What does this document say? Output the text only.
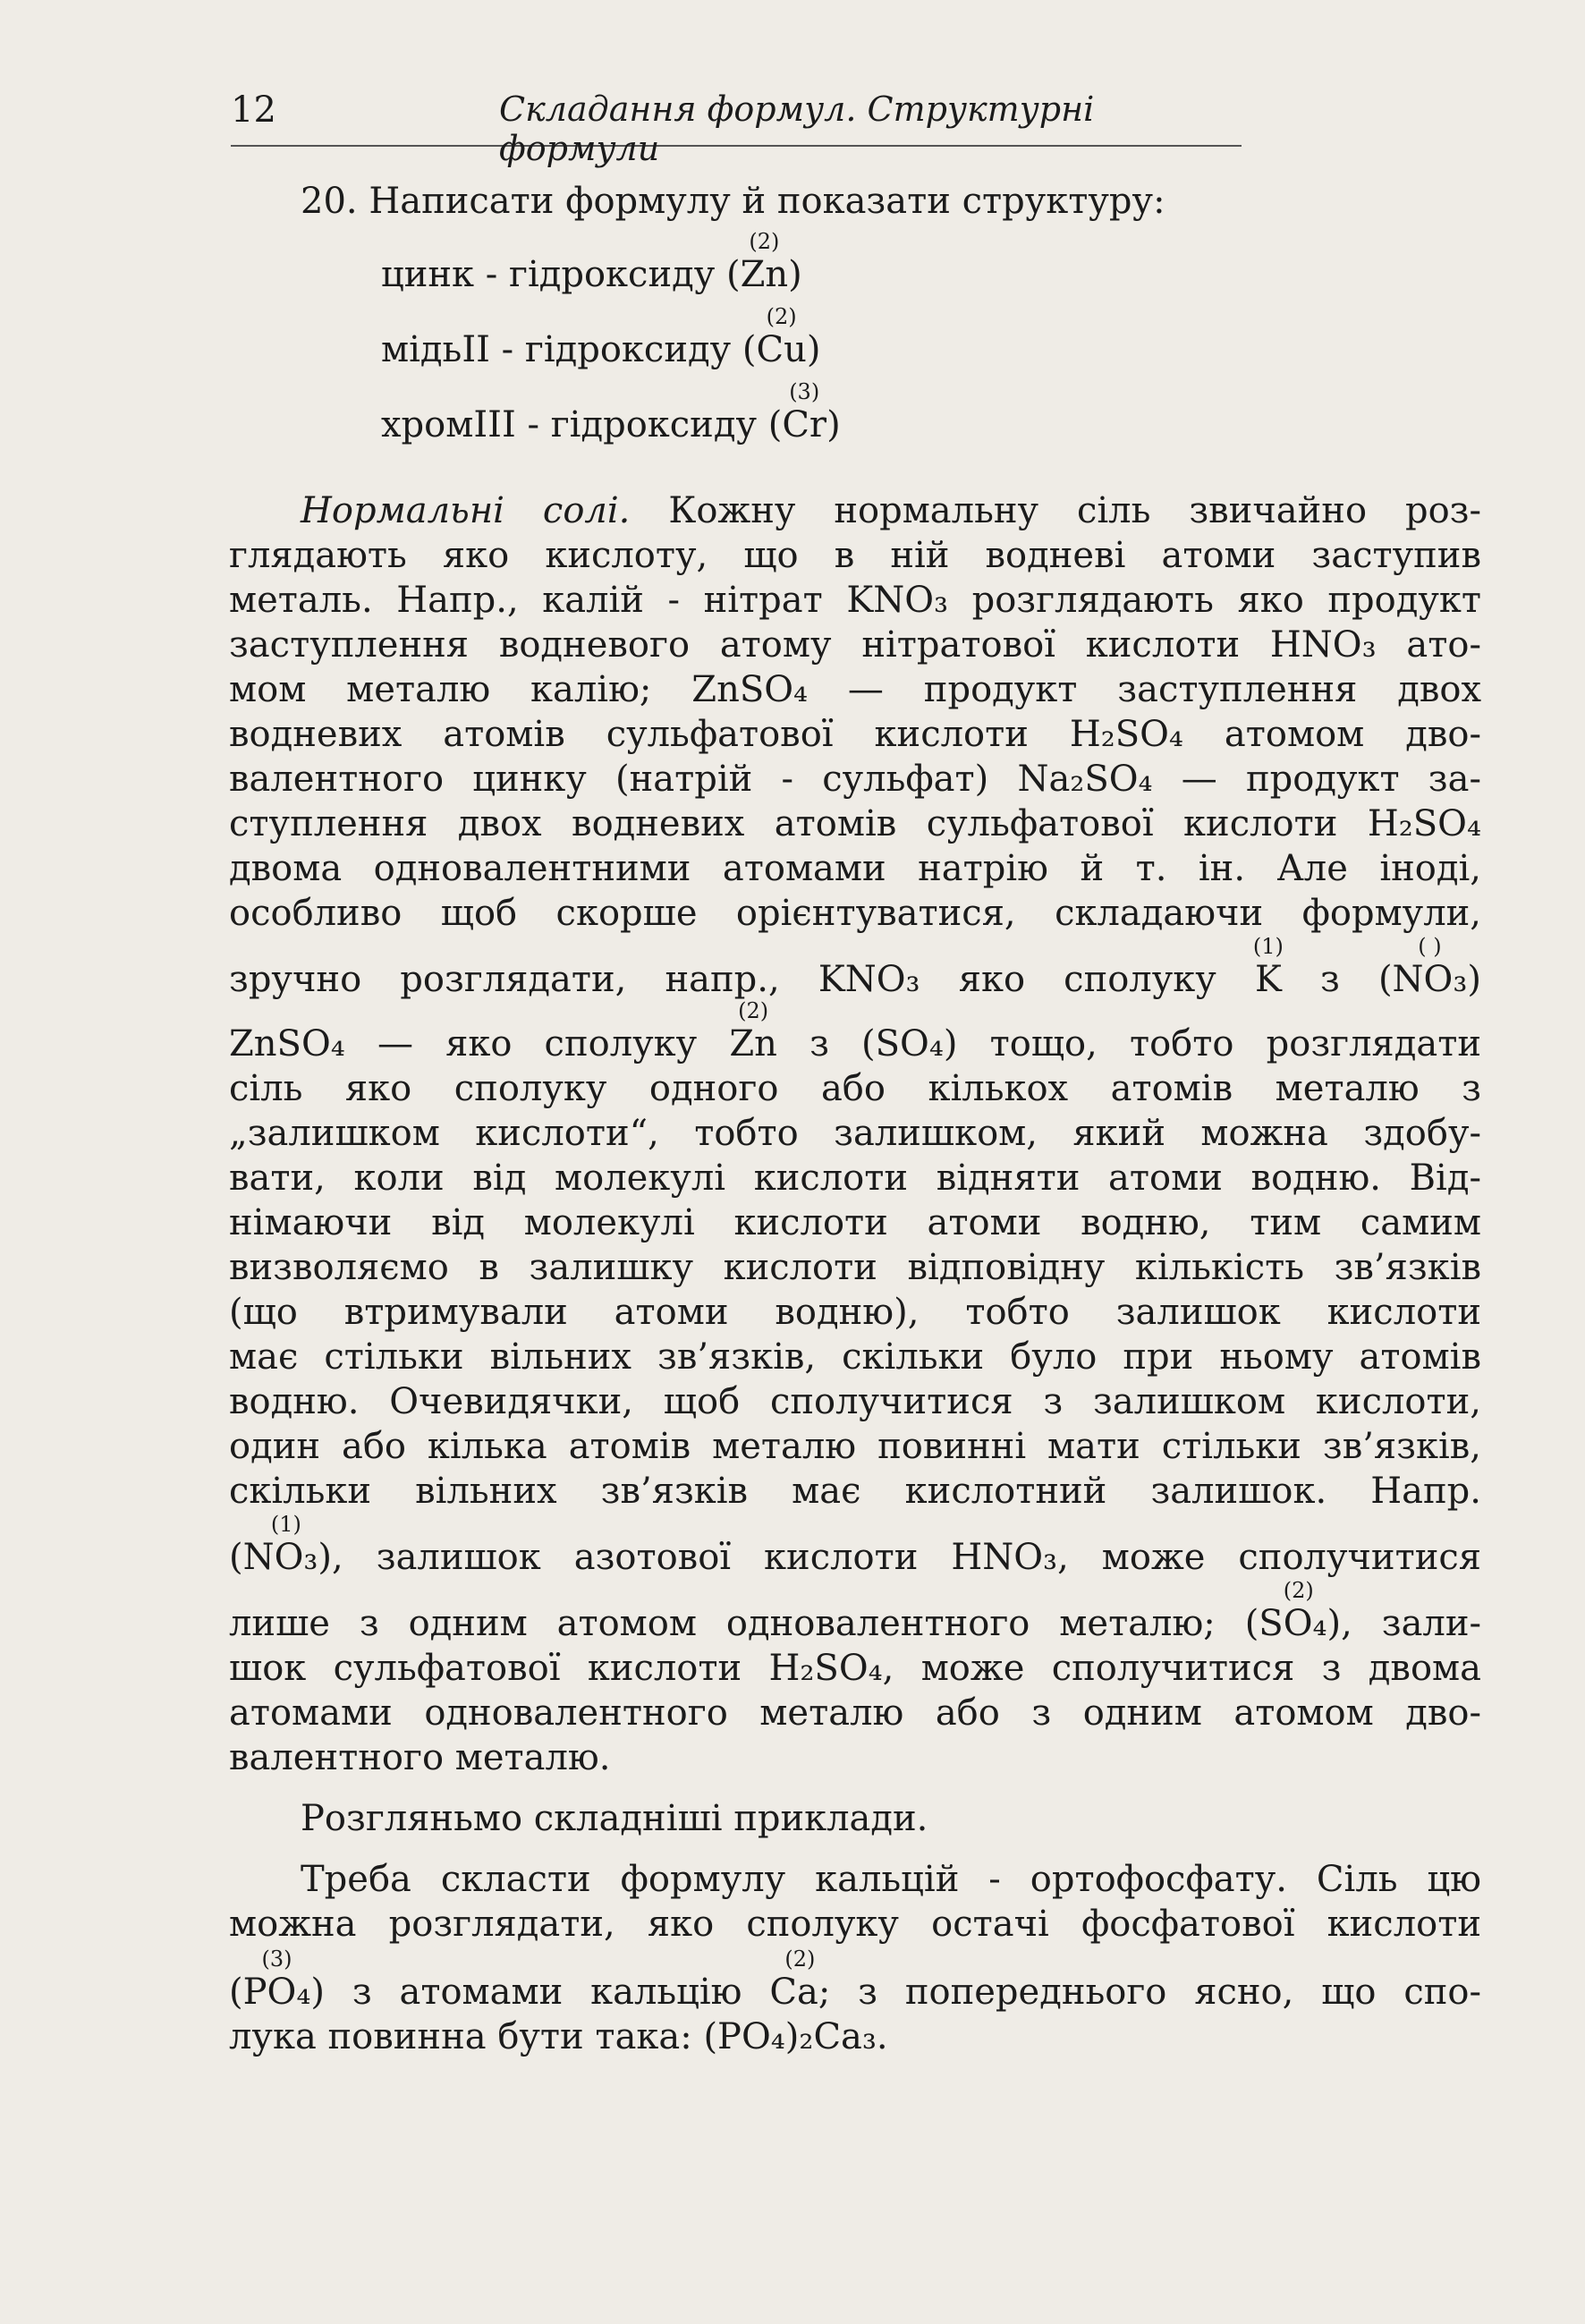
12	Складання формул. Структурні формули
20. Написати формулу й показати структуру:
цинк - гідроксиду (
(2)
Zn)
мідьІІ - гідроксиду (
(2)
Cu)
хромІІІ - гідроксиду (
(3)
Cr)
Нормальні солі. Кожну нормальну сіль звичайно роз-
глядають яко кислоту, що в ній водневі атоми заступив
металь. Напр., калій - нітрат KNO₃ розглядають яко продукт
заступлення водневого атому нітратової кислоти HNO₃ ато-
мом металю калію; ZnSO₄ — продукт заступлення двох
водневих атомів сульфатової кислоти H₂SO₄ атомом дво-
валентного цинку (натрій - сульфат) Na₂SO₄ — продукт за-
ступлення двох водневих атомів сульфатової кислоти H₂SO₄
двома одновалентними атомами натрію й т. ін. Але іноді,
особливо щоб скорше орієнтуватися, складаючи формули,
зручно розглядати, напр., KNO₃ яко сполуку
(1)
K з
( )
(NO₃)
ZnSO₄ — яко сполуку
(2)
Zn з (SO₄) тощо, тобто розглядати
сіль яко сполуку одного або кількох атомів металю з
„залишком кислоти“, тобто залишком, який можна здобу-
вати, коли від молекулі кислоти відняти атоми водню. Від-
німаючи від молекулі кислоти атоми водню, тим самим
визволяємо в залишку кислоти відповідну кількість зв’язків
(що втримували атоми водню), тобто залишок кислоти
має стільки вільних зв’язків, скільки було при ньому атомів
водню. Очевидячки, щоб сполучитися з залишком кислоти,
один або кілька атомів металю повинні мати стільки зв’язків,
скільки вільних зв’язків має кислотний залишок. Напр.
(1)
(NO₃), залишок азотової кислоти HNO₃, може сполучитися
лише з одним атомом одновалентного металю;
(2)
(SO₄), зали-
шок сульфатової кислоти H₂SO₄, може сполучитися з двома
атомами одновалентного металю або з одним атомом дво-
валентного металю.
Розгляньмо складніші приклади.
Треба скласти формулу кальцій - ортофосфату. Сіль цю
можна розглядати, яко сполуку остачі фосфатової кислоти
(3)
(PO₄) з атомами кальцію
(2)
Ca; з попереднього ясно, що спо-
лука повинна бути така: (PO₄)₂Ca₃.
